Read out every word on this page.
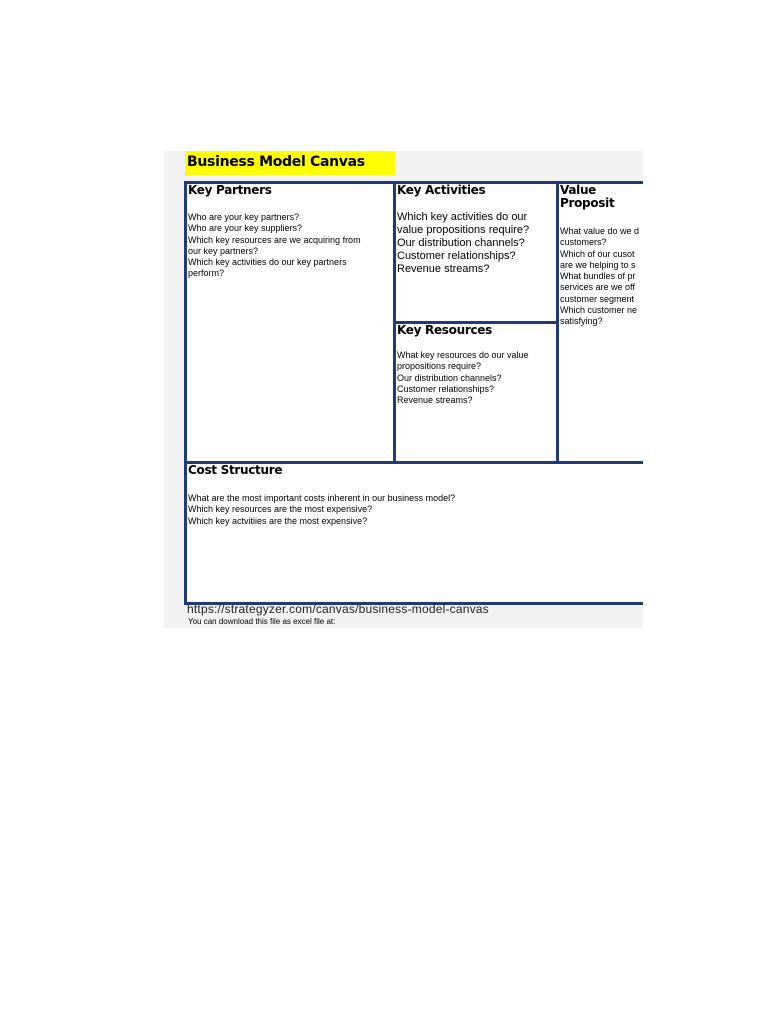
Business Model Canvas
Key Partners
Who are your key partners?
Who are your key suppliers?
Which key resources are we acquiring from
our key partners?
Which key activities do our key partners
perform?
Key Activities
Which key activities do our
value propositions require?
Our distribution channels?
Customer relationships?
Revenue streams?
Value Proposit
What value do we d
customers?
Which of our cusot
are we helping to s
What bundles of pr
services are we off
customer segment
Which customer ne
satisfying?
Key Resources
What key resources do our value
propositions require?
Our distribution channels?
Customer relationships?
Revenue streams?
Cost Structure
What are the most important costs inherent in our business model?
Which key resources are the most expensive?
Which key actvitiies are the most expensive?
https://strategyzer.com/canvas/business-model-canvas
You can download this file as excel file at:
